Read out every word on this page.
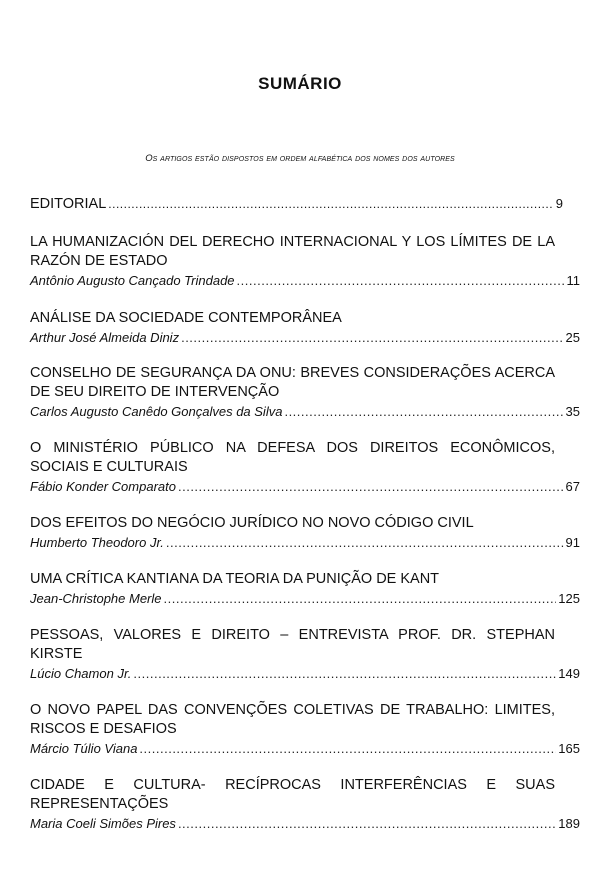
SUMÁRIO
Os artigos estão dispostos em ordem alfabética dos nomes dos autores
EDITORIAL .....	9
LA HUMANIZACIÓN DEL DERECHO INTERNACIONAL Y LOS LÍMITES DE LA RAZÓN DE ESTADO
Antônio Augusto Cançado Trindade .....	11
ANÁLISE DA SOCIEDADE CONTEMPORÂNEA
Arthur José Almeida Diniz .....	25
CONSELHO DE SEGURANÇA DA ONU: BREVES CONSIDERAÇÕES ACERCA DE SEU DIREITO DE INTERVENÇÃO
Carlos Augusto Canêdo Gonçalves da Silva .....	35
O MINISTÉRIO PÚBLICO NA DEFESA DOS DIREITOS ECONÔMICOS, SOCIAIS E CULTURAIS
Fábio Konder Comparato .....	67
DOS EFEITOS DO NEGÓCIO JURÍDICO NO NOVO CÓDIGO CIVIL
Humberto Theodoro Jr. .....	91
UMA CRÍTICA KANTIANA DA TEORIA DA PUNIÇÃO DE KANT
Jean-Christophe Merle .....	125
PESSOAS, VALORES E DIREITO – ENTREVISTA PROF. DR. STEPHAN KIRSTE
Lúcio Chamon Jr. .....	149
O NOVO PAPEL DAS CONVENÇÕES COLETIVAS DE TRABALHO: LIMITES, RISCOS E DESAFIOS
Márcio Túlio Viana .....	165
CIDADE E CULTURA- RECÍPROCAS INTERFERÊNCIAS E SUAS REPRESENTAÇÕES
Maria Coeli Simões Pires .....	189
